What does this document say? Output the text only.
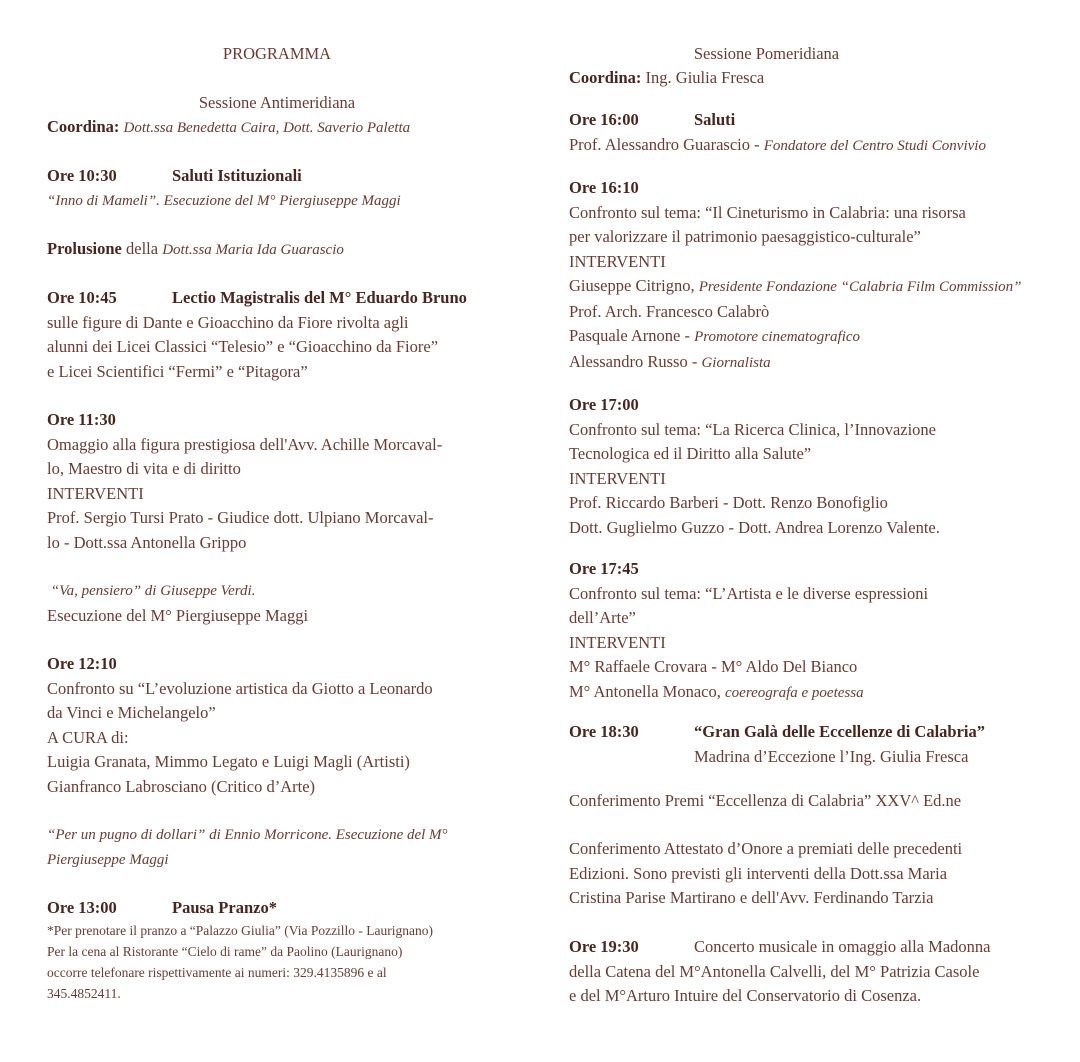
PROGRAMMA
Sessione Antimeridiana
Coordina: Dott.ssa Benedetta Caira, Dott. Saverio Paletta

Ore 10:30	Saluti Istituzionali

“Inno di Mameli”. Esecuzione del M° Piergiuseppe Maggi

Prolusione della Dott.ssa Maria Ida Guarascio

Ore 10:45	Lectio Magistralis del M° Eduardo Bruno

sulle figure di Dante e Gioacchino da Fiore rivolta agli

alunni dei Licei Classici “Telesio” e “Gioacchino da Fiore”

e Licei Scientifici “Fermi” e “Pitagora”

Ore 11:30

Omaggio alla figura prestigiosa dell'Avv. Achille Morcaval-

lo, Maestro di vita e di diritto

INTERVENTI

Prof. Sergio Tursi Prato - Giudice dott. Ulpiano Morcaval-

lo - Dott.ssa Antonella Grippo

“Va, pensiero” di Giuseppe Verdi.

Esecuzione del M° Piergiuseppe Maggi

Ore 12:10

Confronto su “L’evoluzione artistica da Giotto a Leonardo

da Vinci e Michelangelo”

A CURA di:

Luigia Granata, Mimmo Legato e Luigi Magli (Artisti)

Gianfranco Labrosciano (Critico d’Arte)

“Per un pugno di dollari” di Ennio Morricone. Esecuzione del M°

Piergiuseppe Maggi

Ore 13:00	Pausa Pranzo*

*Per prenotare il pranzo a “Palazzo Giulia” (Via Pozzillo - Laurignano)

Per la cena al Ristorante “Cielo di rame” da Paolino (Laurignano)

occorre telefonare rispettivamente ai numeri: 329.4135896 e al

345.4852411.

Sessione Pomeridiana
Coordina: Ing. Giulia Fresca

Ore 16:00	Saluti

Prof. Alessandro Guarascio - Fondatore del Centro Studi Convivio

Ore 16:10

Confronto sul tema: “Il Cineturismo in Calabria: una risorsa

per valorizzare il patrimonio paesaggistico-culturale”

INTERVENTI

Giuseppe Citrigno, Presidente Fondazione “Calabria Film Commission”

Prof. Arch. Francesco Calabrò

Pasquale Arnone - Promotore cinematografico

Alessandro Russo - Giornalista

Ore 17:00

Confronto sul tema: “La Ricerca Clinica, l’Innovazione

Tecnologica ed il Diritto alla Salute”

INTERVENTI

Prof. Riccardo Barberi - Dott. Renzo Bonofiglio

Dott. Guglielmo Guzzo - Dott. Andrea Lorenzo Valente.

Ore 17:45

Confronto sul tema: “L’Artista e le diverse espressioni

dell’Arte”

INTERVENTI

M° Raffaele Crovara - M° Aldo Del Bianco

M° Antonella Monaco, coereografa e poetessa

Ore 18:30	“Gran Galà delle Eccellenze di Calabria”

Madrina d’Eccezione l’Ing. Giulia Fresca

Conferimento Premi “Eccellenza di Calabria” XXV^ Ed.ne

Conferimento Attestato d’Onore a premiati delle precedenti

Edizioni. Sono previsti gli interventi della Dott.ssa Maria

Cristina Parise Martirano e dell'Avv. Ferdinando Tarzia

Ore 19:30	Concerto musicale in omaggio alla Madonna

della Catena del M°Antonella Calvelli, del M° Patrizia Casole

e del M°Arturo Intuire del Conservatorio di Cosenza.
